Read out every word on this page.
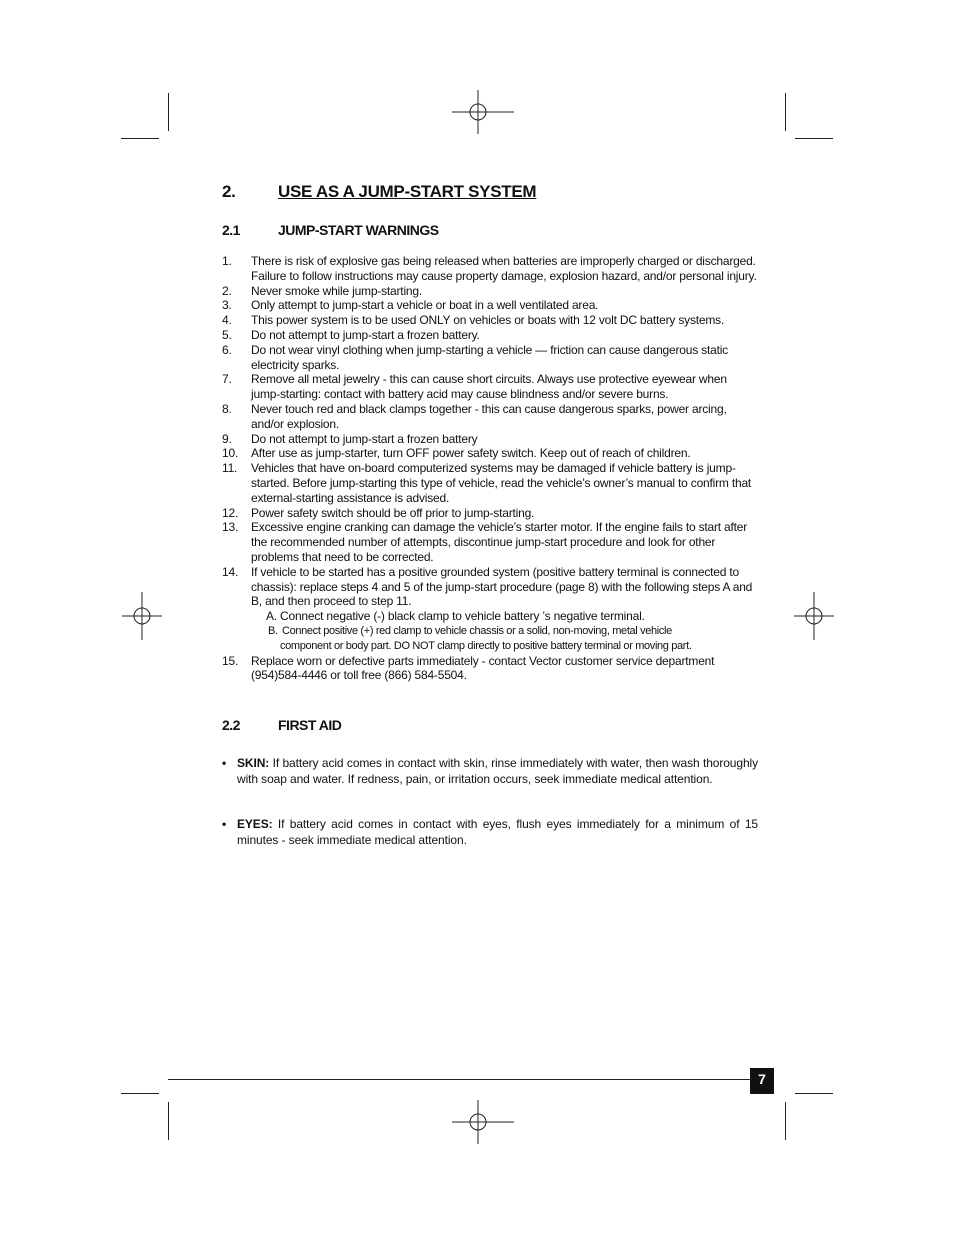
2. USE AS A JUMP-START SYSTEM
2.1	JUMP-START WARNINGS
1. There is risk of explosive gas being released when batteries are improperly charged or discharged. Failure to follow instructions may cause property damage, explosion hazard, and/or personal injury.
2. Never smoke while jump-starting.
3. Only attempt to jump-start a vehicle or boat in a well ventilated area.
4. This power system is to be used ONLY on vehicles or boats with 12 volt DC battery systems.
5. Do not attempt to jump-start a frozen battery.
6. Do not wear vinyl clothing when jump-starting a vehicle — friction can cause dangerous static electricity sparks.
7. Remove all metal jewelry - this can cause short circuits. Always use protective eyewear when jump-starting: contact with battery acid may cause blindness and/or severe burns.
8. Never touch red and black clamps together - this can cause dangerous sparks, power arcing, and/or explosion.
9. Do not attempt to jump-start a frozen battery
10. After use as jump-starter, turn OFF power safety switch. Keep out of reach of children.
11. Vehicles that have on-board computerized systems may be damaged if vehicle battery is jump-started. Before jump-starting this type of vehicle, read the vehicle’s owner’s manual to confirm that external-starting assistance is advised.
12. Power safety switch should be off prior to jump-starting.
13. Excessive engine cranking can damage the vehicle’s starter motor. If the engine fails to start after the recommended number of attempts, discontinue jump-start procedure and look for other problems that need to be corrected.
14. If vehicle to be started has a positive grounded system (positive battery terminal is connected to chassis): replace steps 4 and 5 of the jump-start procedure (page 8) with the following steps A and B, and then proceed to step 11.
A. Connect negative (-) black clamp to vehicle battery ’s negative terminal.
B. Connect positive (+) red clamp to vehicle chassis or a solid, non-moving, metal vehicle
component or body part. DO NOT clamp directly to positive battery terminal or moving part.
15. Replace worn or defective parts immediately - contact Vector customer service department (954)584-4446 or toll free (866) 584-5504.
2.2	FIRST AID
• SKIN: If battery acid comes in contact with skin, rinse immediately with water, then wash thoroughly with soap and water. If redness, pain, or irritation occurs, seek immediate medical attention.
• EYES: If battery acid comes in contact with eyes, flush eyes immediately for a minimum of 15 minutes - seek immediate medical attention.
7
